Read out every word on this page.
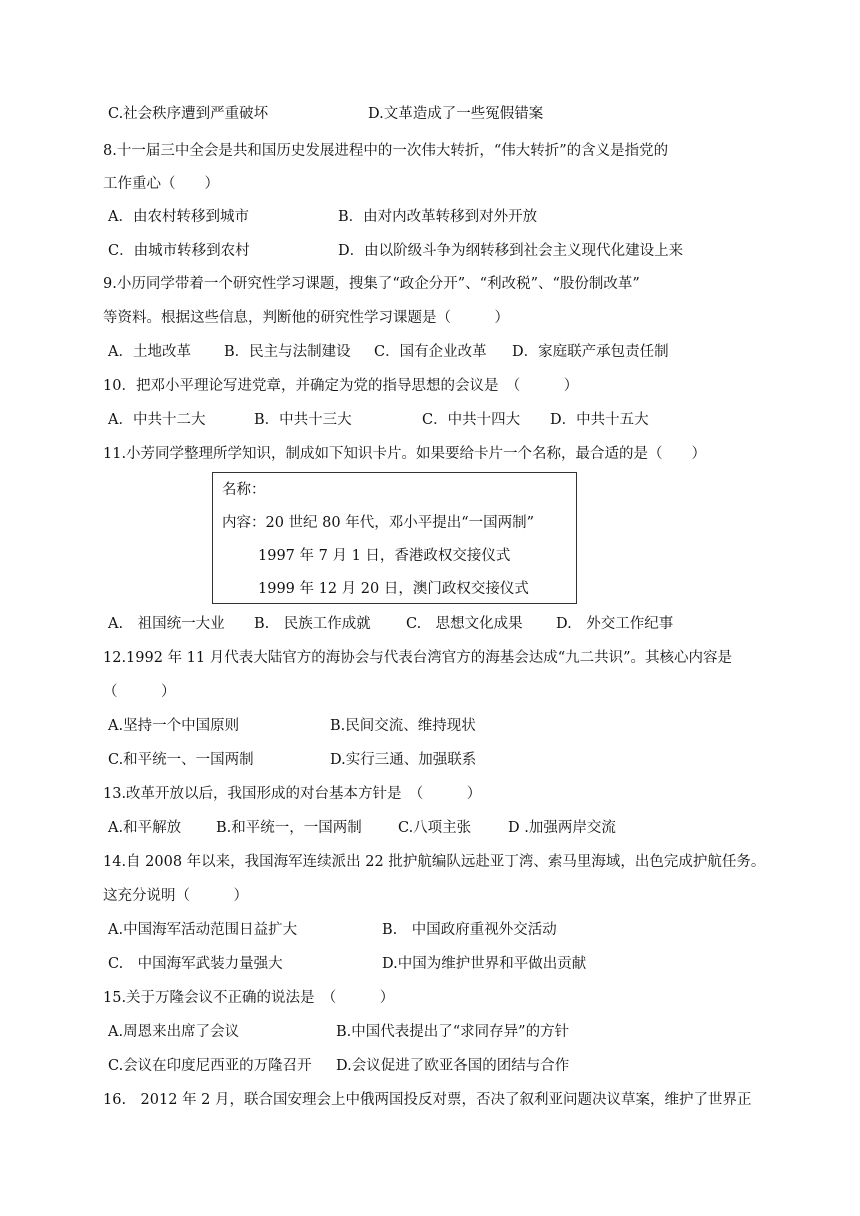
C.社会秩序遭到严重破坏	D.文革造成了一些冤假错案
8.十一届三中全会是共和国历史发展进程中的一次伟大转折，“伟大转折”的含义是指党的
工作重心（　　）
A．由农村转移到城市	B．由对内改革转移到对外开放
C．由城市转移到农村	D．由以阶级斗争为纲转移到社会主义现代化建设上来
9.小历同学带着一个研究性学习课题，搜集了“政企分开”、“利改税”、“股份制改革”
等资料。根据这些信息，判断他的研究性学习课题是（　　　）
A．土地改革 B．民主与法制建设 C．国有企业改革 D．家庭联产承包责任制
10．把邓小平理论写进党章，并确定为党的指导思想的会议是　（　　　）
A．中共十二大	B．中共十三大	C．中共十四大 D．中共十五大
11.小芳同学整理所学知识，制成如下知识卡片。如果要给卡片一个名称，最合适的是（　　）
名称：
内容：20 世纪 80 年代，邓小平提出“一国两制”
1997 年 7 月 1 日，香港政权交接仪式
1999 年 12 月 20 日，澳门政权交接仪式
A.　祖国统一大业 B.　民族工作成就 C.　思想文化成果 D.　外交工作纪事
12.1992 年 11 月代表大陆官方的海协会与代表台湾官方的海基会达成“九二共识”。其核心内容是
（　　　）
A.坚持一个中国原则	B.民间交流、维持现状
C.和平统一、一国两制	D.实行三通、加强联系
13.改革开放以后，我国形成的对台基本方针是　（　　　）
A.和平解放 B.和平统一，一国两制 C.八项主张	D .加强两岸交流
14.自 2008 年以来，我国海军连续派出 22 批护航编队远赴亚丁湾、索马里海域，出色完成护航任务。
这充分说明（　　　）
A.中国海军活动范围日益扩大	B.　中国政府重视外交活动
C.　中国海军武装力量强大	D.中国为维护世界和平做出贡献
15.关于万隆会议不正确的说法是　（　　　）
A.周恩来出席了会议	B.中国代表提出了“求同存异”的方针
C.会议在印度尼西亚的万隆召开 D.会议促进了欧亚各国的团结与合作
16.　2012 年 2 月，联合国安理会上中俄两国投反对票，否决了叙利亚问题决议草案，维护了世界正
